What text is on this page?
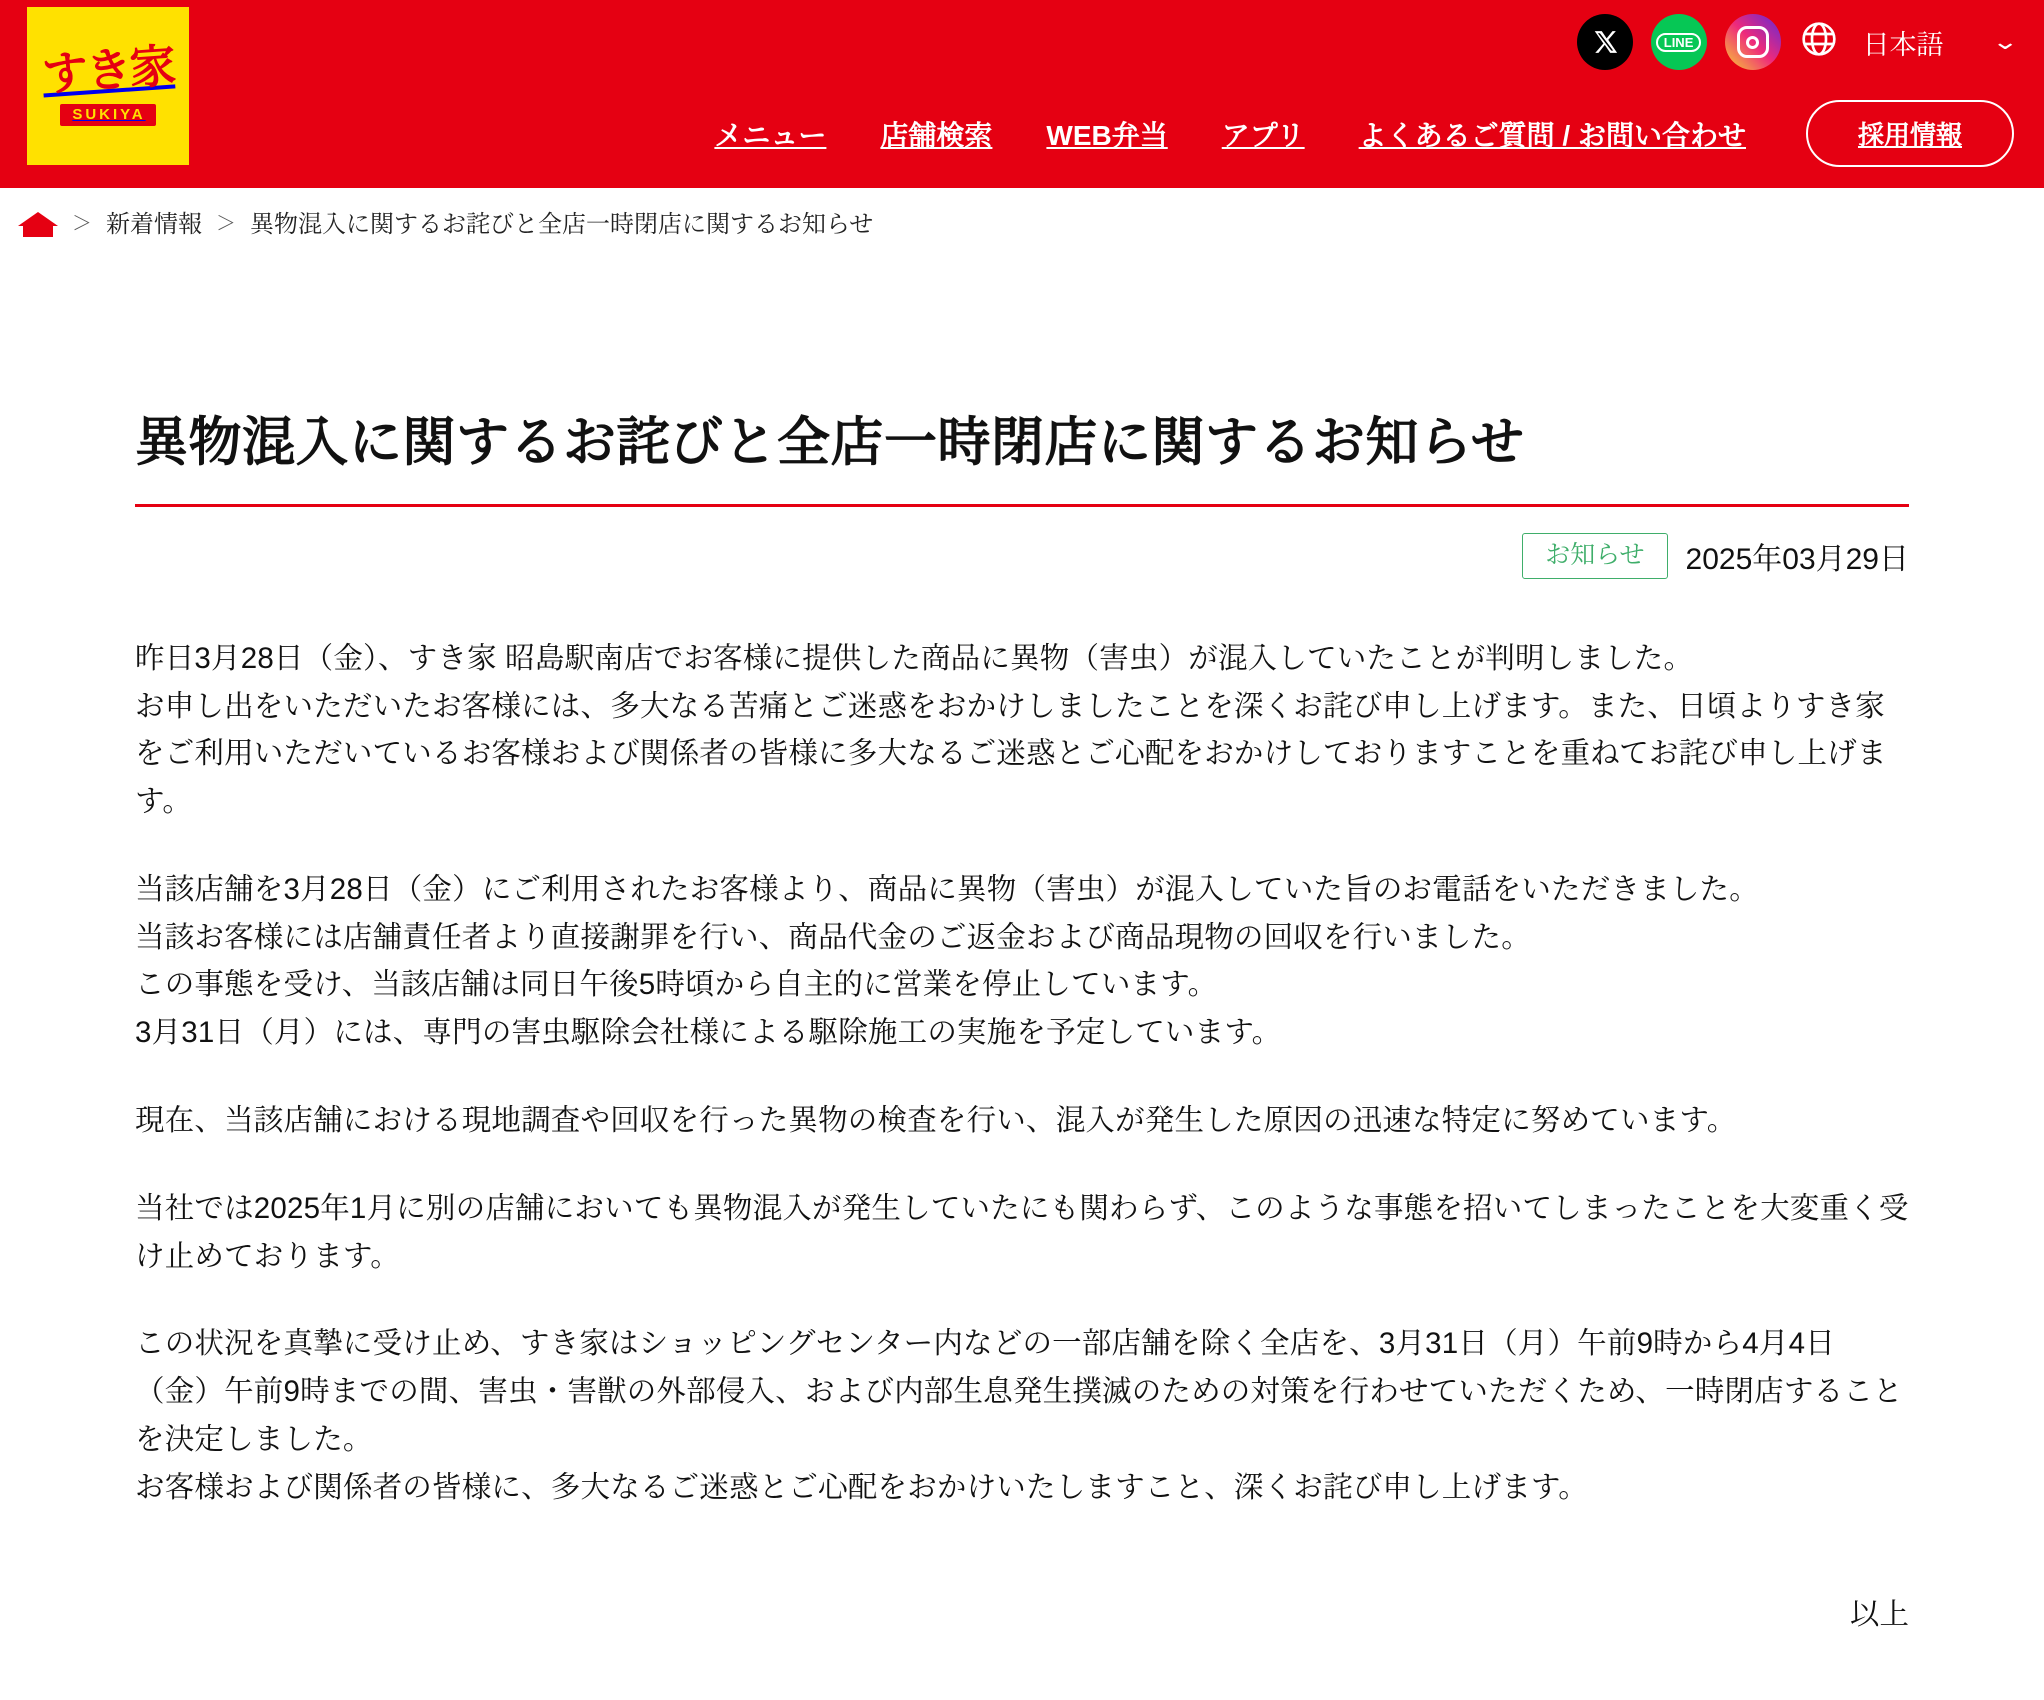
すき家
SUKIYA
LINE	日本語 ⌄
メニュー 店舗検索 WEB弁当 アプリ よくあるご質問 / お問い合わせ	採用情報
＞ 新着情報 ＞ 異物混入に関するお詫びと全店一時閉店に関するお知らせ
異物混入に関するお詫びと全店一時閉店に関するお知らせ
お知らせ	2025年03月29日

昨日3月28日（金）、すき家 昭島駅南店でお客様に提供した商品に異物（害虫）が混入していたことが判明しました。
お申し出をいただいたお客様には、多大なる苦痛とご迷惑をおかけしましたことを深くお詫び申し上げます。また、日頃よりすき家をご利用いただいているお客様および関係者の皆様に多大なるご迷惑とご心配をおかけしておりますことを重ねてお詫び申し上げます。

当該店舗を3月28日（金）にご利用されたお客様より、商品に異物（害虫）が混入していた旨のお電話をいただきました。
当該お客様には店舗責任者より直接謝罪を行い、商品代金のご返金および商品現物の回収を行いました。
この事態を受け、当該店舗は同日午後5時頃から自主的に営業を停止しています。
3月31日（月）には、専門の害虫駆除会社様による駆除施工の実施を予定しています。

現在、当該店舗における現地調査や回収を行った異物の検査を行い、混入が発生した原因の迅速な特定に努めています。

当社では2025年1月に別の店舗においても異物混入が発生していたにも関わらず、このような事態を招いてしまったことを大変重く受け止めております。

この状況を真摯に受け止め、すき家はショッピングセンター内などの一部店舗を除く全店を、3月31日（月）午前9時から4月4日（金）午前9時までの間、害虫・害獣の外部侵入、および内部生息発生撲滅のための対策を行わせていただくため、一時閉店することを決定しました。
お客様および関係者の皆様に、多大なるご迷惑とご心配をおかけいたしますこと、深くお詫び申し上げます。

以上
